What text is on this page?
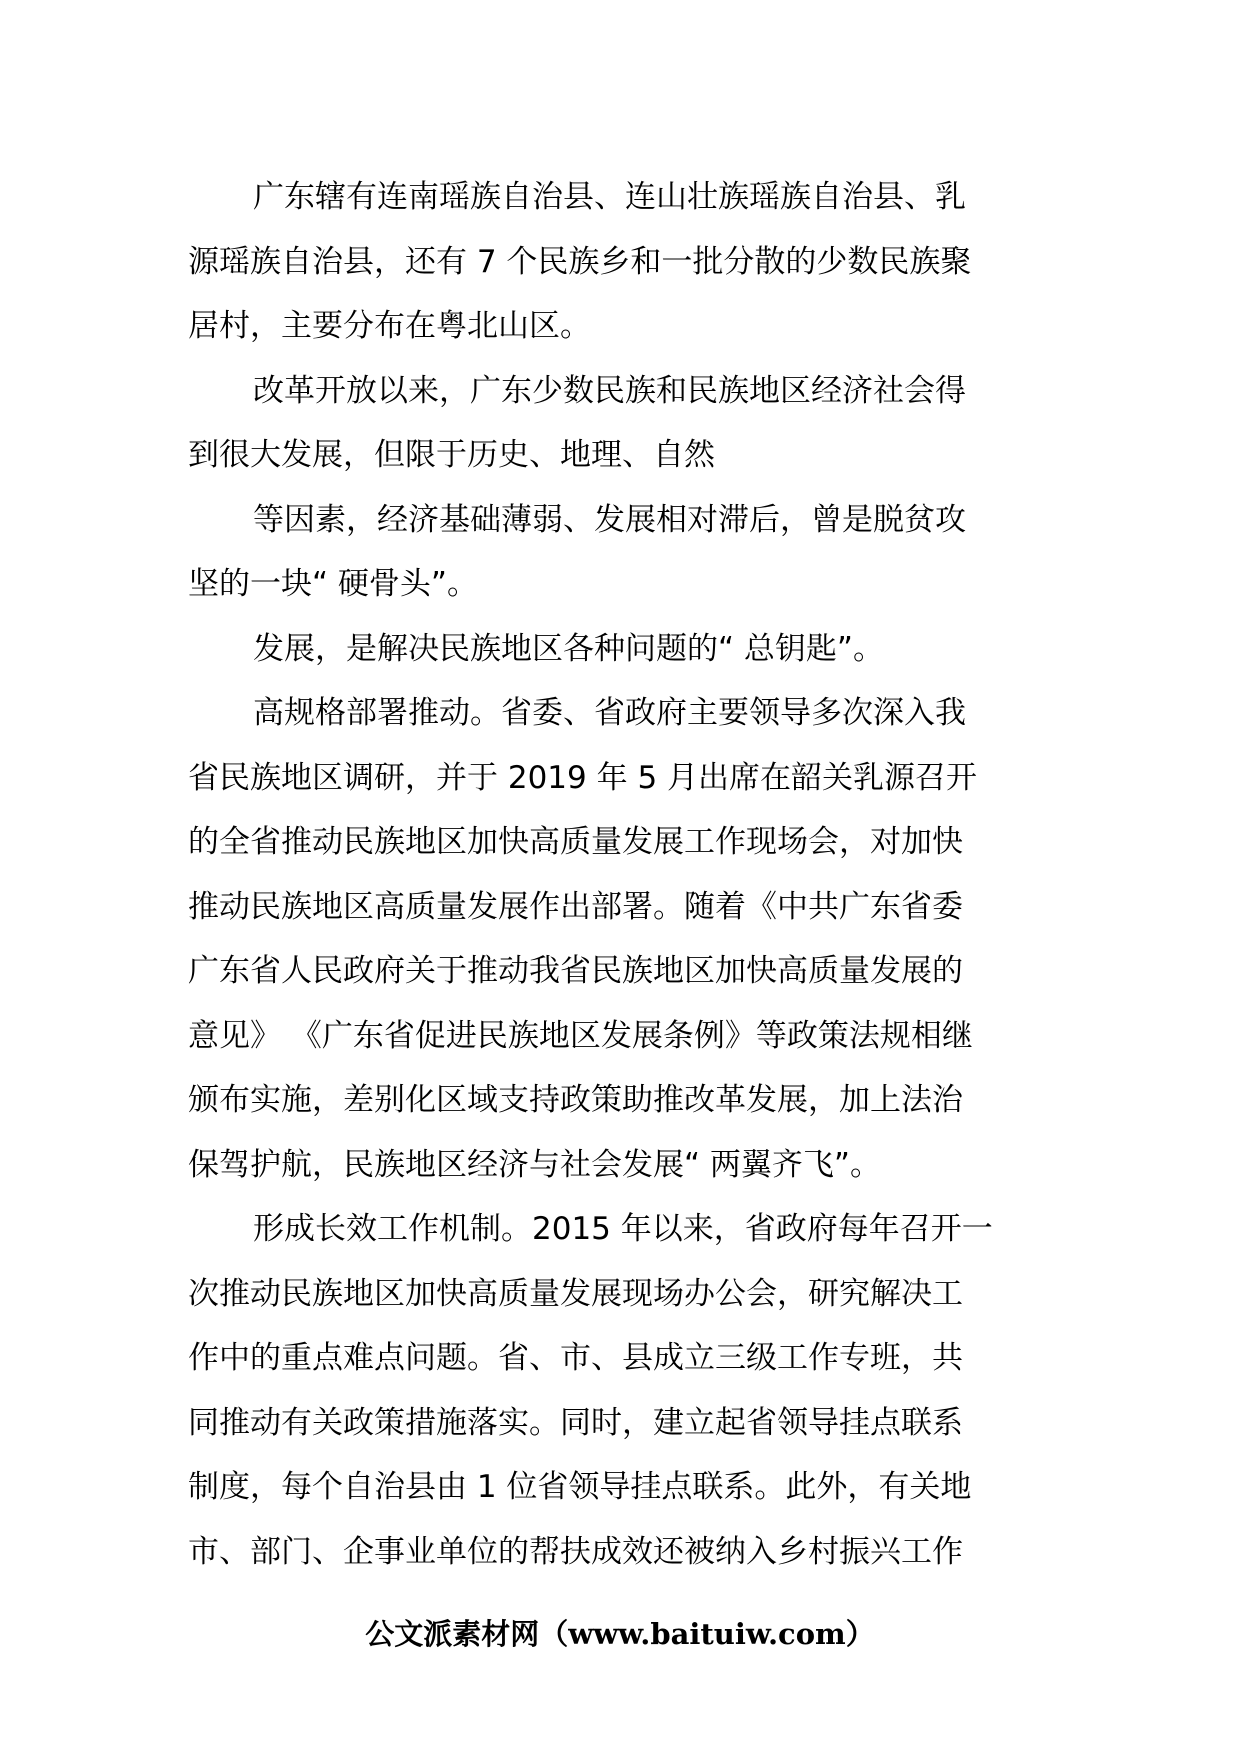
广东辖有连南瑶族自治县、连山壮族瑶族自治县、乳
源瑶族自治县，还有 7 个民族乡和一批分散的少数民族聚
居村，主要分布在粤北山区。
改革开放以来，广东少数民族和民族地区经济社会得
到很大发展，但限于历史、地理、自然
等因素，经济基础薄弱、发展相对滞后，曾是脱贫攻
坚的一块“ 硬骨头”。
发展，是解决民族地区各种问题的“ 总钥匙”。
高规格部署推动。省委、省政府主要领导多次深入我
省民族地区调研，并于 2019 年 5 月出席在韶关乳源召开
的全省推动民族地区加快高质量发展工作现场会，对加快
推动民族地区高质量发展作出部署。随着《中共广东省委
广东省人民政府关于推动我省民族地区加快高质量发展的
意见》 《广东省促进民族地区发展条例》等政策法规相继
颁布实施，差别化区域支持政策助推改革发展，加上法治
保驾护航，民族地区经济与社会发展“ 两翼齐飞”。
形成长效工作机制。2015 年以来，省政府每年召开一
次推动民族地区加快高质量发展现场办公会，研究解决工
作中的重点难点问题。省、市、县成立三级工作专班，共
同推动有关政策措施落实。同时，建立起省领导挂点联系
制度，每个自治县由 1 位省领导挂点联系。此外，有关地
市、部门、企事业单位的帮扶成效还被纳入乡村振兴工作
公文派素材网（www.baituiw.com）
